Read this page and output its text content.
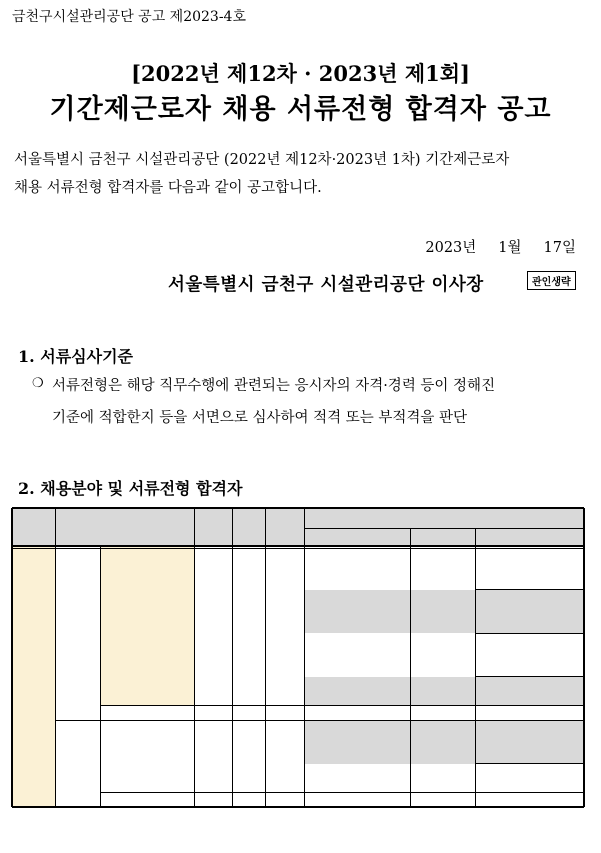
금천구시설관리공단 공고 제2023-4호
[2022년 제12차 · 2023년 제1회]
기간제근로자 채용 서류전형 합격자 공고
서울특별시 금천구 시설관리공단 (2022년 제12차·2023년 1차) 기간제근로자
채용 서류전형 합격자를 다음과 같이 공고합니다.
2023년 1월 17일
서울특별시 금천구 시설관리공단 이사장	관인생략
1. 서류심사기준
❍ 서류전형은 해당 직무수행에 관련되는 응시자의 자격·경력 등이 정해진
기준에 적합한지 등을 서면으로 심사하여 적격 또는 부적격을 판단
2. 채용분야 및 서류전형 합격자
